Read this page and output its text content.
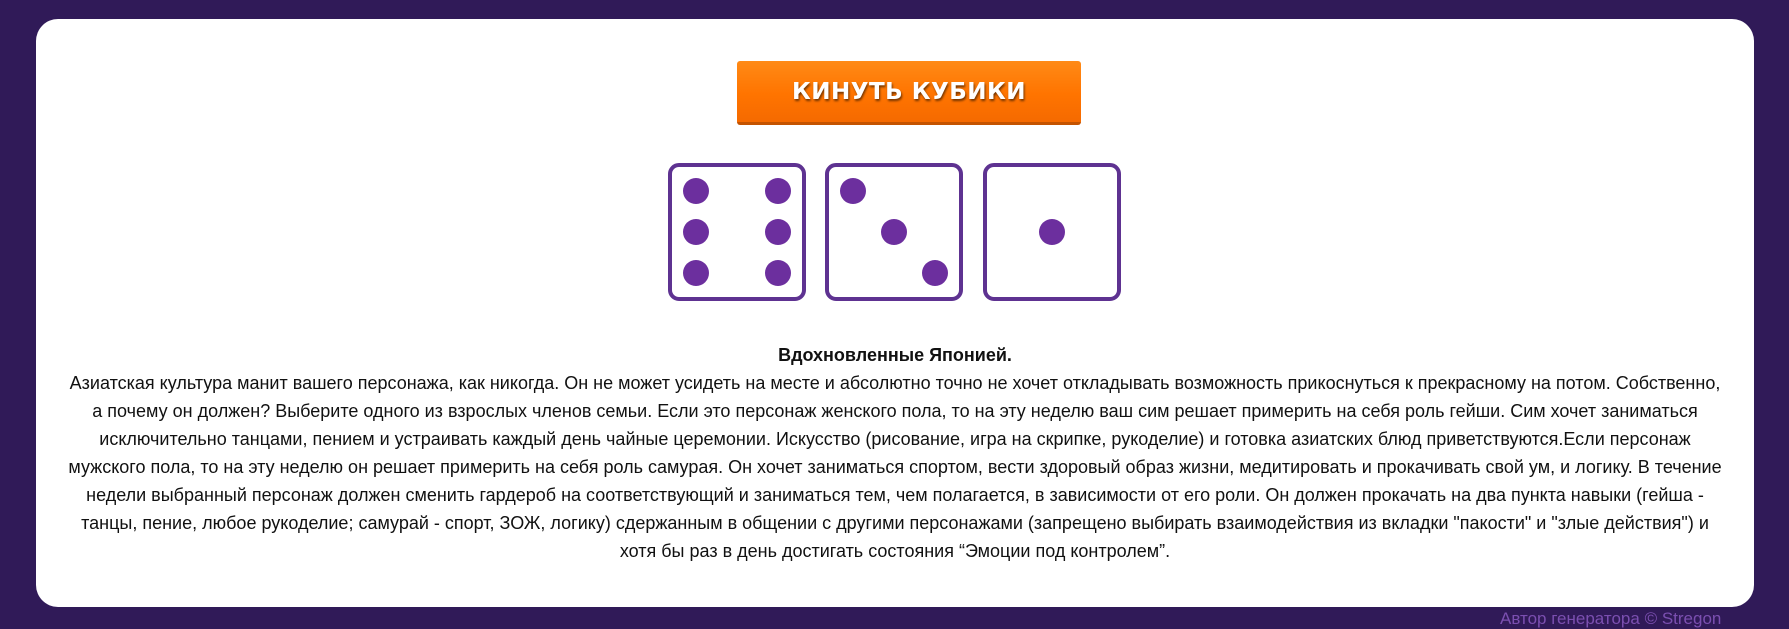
КИНУТЬ КУБИКИ
Вдохновленные Японией.
Азиатская культура манит вашего персонажа, как никогда. Он не может усидеть на месте и абсолютно точно не хочет откладывать возможность прикоснуться к прекрасному на потом. Собственно, а почему он должен? Выберите одного из взрослых членов семьи. Если это персонаж женского пола, то на эту неделю ваш сим решает примерить на себя роль гейши. Сим хочет заниматься исключительно танцами, пением и устраивать каждый день чайные церемонии. Искусство (рисование, игра на скрипке, рукоделие) и готовка азиатских блюд приветствуются.Если персонаж мужского пола, то на эту неделю он решает примерить на себя роль самурая. Он хочет заниматься спортом, вести здоровый образ жизни, медитировать и прокачивать свой ум, и логику. В течение недели выбранный персонаж должен сменить гардероб на соответствующий и заниматься тем, чем полагается, в зависимости от его роли. Он должен прокачать на два пункта навыки (гейша - танцы, пение, любое рукоделие; самурай - спорт, ЗОЖ, логику) сдержанным в общении с другими персонажами (запрещено выбирать взаимодействия из вкладки "пакости" и "злые действия") и хотя бы раз в день достигать состояния “Эмоции под контролем”.
Автор генератора © Stregon
